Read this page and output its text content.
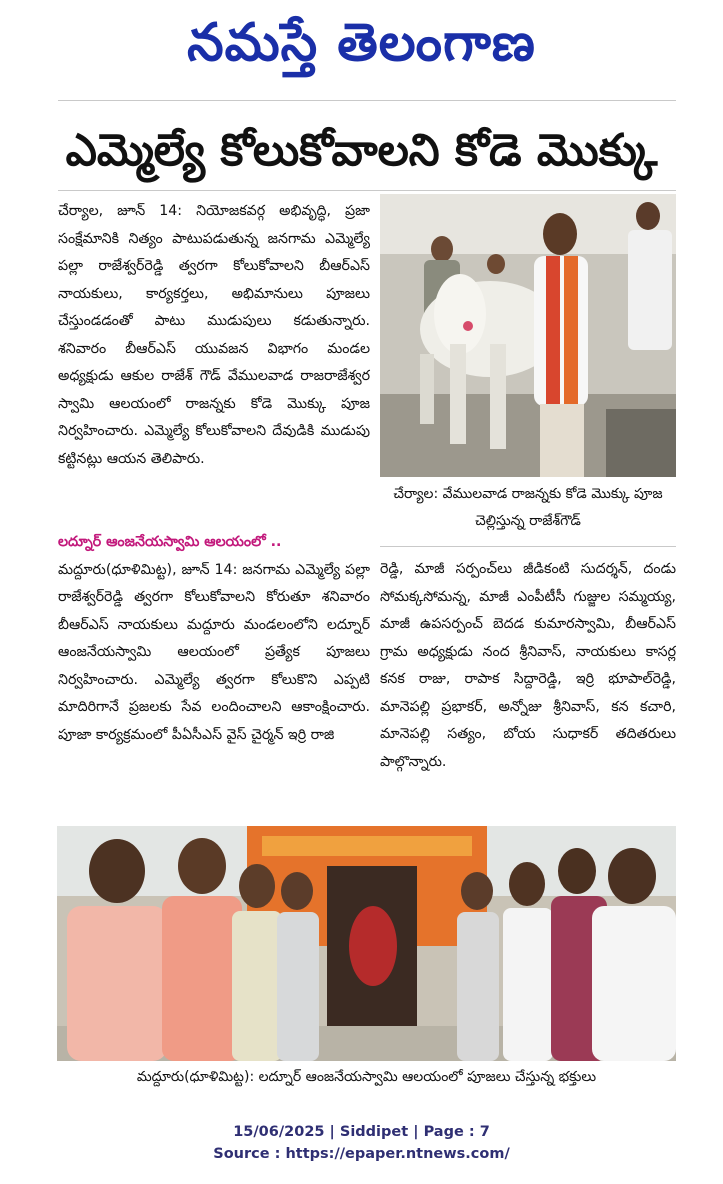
నమస్తే తెలంగాణ
ఎమ్మెల్యే కోలుకోవాలని కోడె మొక్కు

చేర్యాల, జూన్ 14: నియోజకవర్గ అభివృద్ధి, ప్రజా సంక్షేమానికి నిత్యం పాటుపడుతున్న జనగామ ఎమ్మెల్యే పల్లా రాజేశ్వర్‌రెడ్డి త్వరగా కోలుకోవాలని బీఆర్‌ఎస్ నాయకులు, కార్యకర్తలు, అభిమానులు పూజలు చేస్తుండడంతో పాటు ముడుపులు కడుతున్నారు. శనివారం బీఆర్‌ఎస్ యువజన విభాగం మండల అధ్యక్షుడు ఆకుల రాజేశ్ గౌడ్ వేములవాడ రాజరాజేశ్వర స్వామి ఆలయంలో రాజన్నకు కోడె మొక్కు పూజ నిర్వహించారు. ఎమ్మెల్యే కోలుకోవాలని దేవుడికి ముడుపు కట్టినట్లు ఆయన తెలిపారు.

చేర్యాల: వేములవాడ రాజన్నకు కోడె మొక్కు పూజ చెల్లిస్తున్న రాజేశ్‌గౌడ్

లద్నూర్ ఆంజనేయస్వామి ఆలయంలో ..

మద్దూరు(ధూళిమిట్ట), జూన్ 14: జనగామ ఎమ్మెల్యే పల్లా రాజేశ్వర్‌రెడ్డి త్వరగా కోలుకోవాలని కోరుతూ శనివారం బీఆర్‌ఎస్ నాయకులు మద్దూరు మండలంలోని లద్నూర్ ఆంజనేయస్వామి ఆలయంలో ప్రత్యేక పూజలు నిర్వహించారు. ఎమ్మెల్యే త్వరగా కోలుకొని ఎప్పటి మాదిరిగానే ప్రజలకు సేవ లందించాలని ఆకాంక్షించారు. పూజా కార్యక్రమంలో పీఏసీఎస్ వైస్ చైర్మన్ ఇర్రి రాజి

రెడ్డి, మాజీ సర్పంచ్‌లు జీడికంటి సుదర్శన్, దండు సోమక్కసోమన్న, మాజీ ఎంపీటీసీ గుజ్జుల సమ్మయ్య, మాజీ ఉపసర్పంచ్ బెదడ కుమారస్వామి, బీఆర్‌ఎస్ గ్రామ అధ్యక్షుడు నంద శ్రీనివాస్, నాయకులు కాసర్ల కనక రాజు, రాపాక సిద్దారెడ్డి, ఇర్రి భూపాల్‌రెడ్డి, మానెపల్లి ప్రభాకర్, అన్నోజు శ్రీనివాస్, కన కచారి, మానెపల్లి సత్యం, బోయ సుధాకర్ తదితరులు పాల్గొన్నారు.

మద్దూరు(ధూళిమిట్ట): లద్నూర్ ఆంజనేయస్వామి ఆలయంలో పూజలు చేస్తున్న భక్తులు
15/06/2025 | Siddipet | Page : 7
Source : https://epaper.ntnews.com/
